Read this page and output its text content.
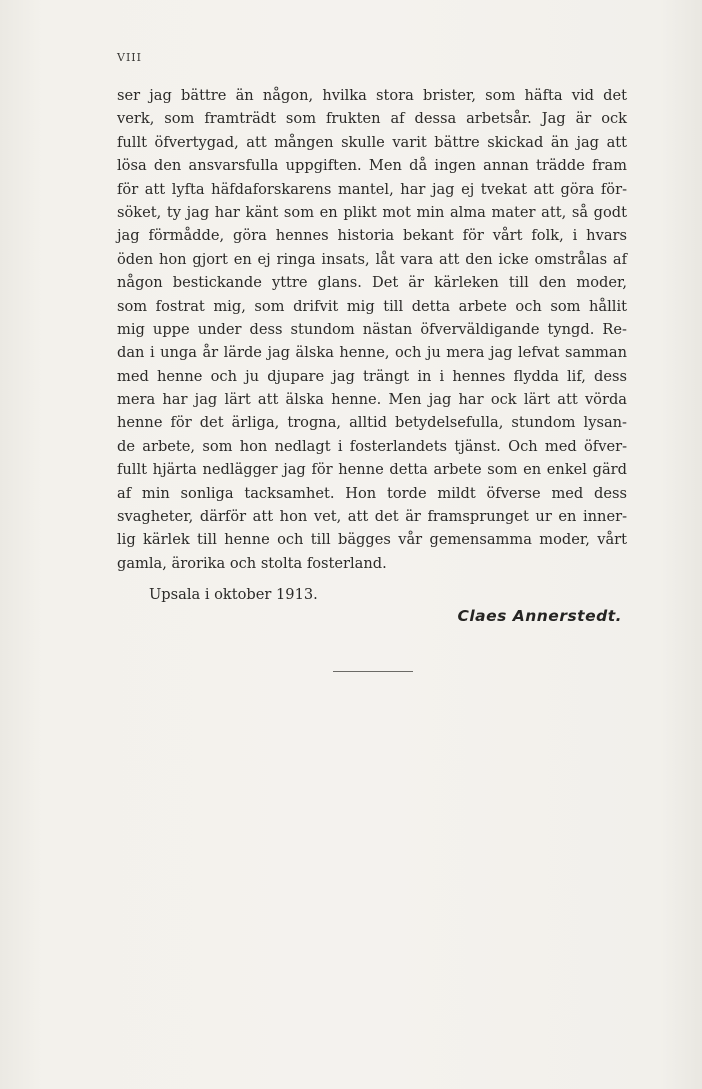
VIII
ser jag bättre än någon, hvilka stora brister, som häfta vid det
verk, som framträdt som frukten af dessa arbetsår. Jag är ock
fullt öfvertygad, att mången skulle varit bättre skickad än jag att
lösa den ansvarsfulla uppgiften. Men då ingen annan trädde fram
för att lyfta häfdaforskarens mantel, har jag ej tvekat att göra för-
söket, ty jag har känt som en plikt mot min alma mater att, så godt
jag förmådde, göra hennes historia bekant för vårt folk, i hvars
öden hon gjort en ej ringa insats, låt vara att den icke omstrålas af
någon bestickande yttre glans. Det är kärleken till den moder,
som fostrat mig, som drifvit mig till detta arbete och som hållit
mig uppe under dess stundom nästan öfverväldigande tyngd. Re-
dan i unga år lärde jag älska henne, och ju mera jag lefvat samman
med henne och ju djupare jag trängt in i hennes flydda lif, dess
mera har jag lärt att älska henne. Men jag har ock lärt att vörda
henne för det ärliga, trogna, alltid betydelsefulla, stundom lysan-
de arbete, som hon nedlagt i fosterlandets tjänst. Och med öfver-
fullt hjärta nedlägger jag för henne detta arbete som en enkel gärd
af min sonliga tacksamhet. Hon torde mildt öfverse med dess
svagheter, därför att hon vet, att det är framsprunget ur en inner-
lig kärlek till henne och till bägges vår gemensamma moder, vårt
gamla, ärorika och stolta fosterland.
Upsala i oktober 1913.
Claes Annerstedt.
